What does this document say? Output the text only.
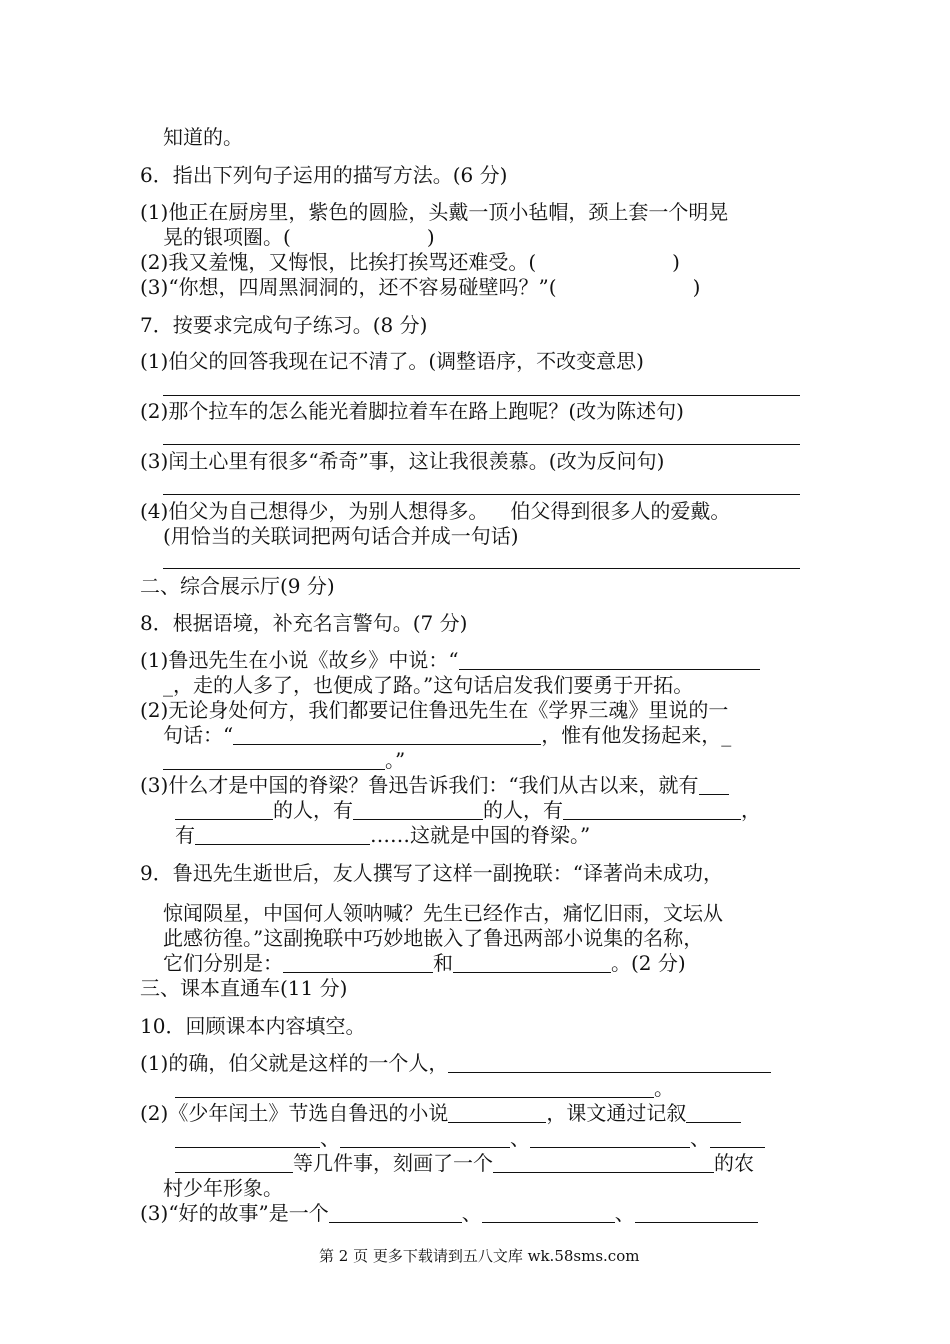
知道的。
6．指出下列句子运用的描写方法。(6 分)
(1)他正在厨房里，紫色的圆脸，头戴一顶小毡帽，颈上套一个明晃
晃的银项圈。(	)
(2)我又羞愧，又悔恨，比挨打挨骂还难受。(	)
(3)“你想，四周黑洞洞的，还不容易碰壁吗？”(	)
7．按要求完成句子练习。(8 分)
(1)伯父的回答我现在记不清了。(调整语序，不改变意思)
(2)那个拉车的怎么能光着脚拉着车在路上跑呢？(改为陈述句)
(3)闰土心里有很多“希奇”事，这让我很羡慕。(改为反问句)
(4)伯父为自己想得少，为别人想得多。 伯父得到很多人的爱戴。
(用恰当的关联词把两句话合并成一句话)
二、综合展示厅(9 分)
8．根据语境，补充名言警句。(7 分)
(1)鲁迅先生在小说《故乡》中说：“
_，走的人多了，也便成了路。”这句话启发我们要勇于开拓。
(2)无论身处何方，我们都要记住鲁迅先生在《学界三魂》里说的一
句话：“	，惟有他发扬起来，_
。”
(3)什么才是中国的脊梁？鲁迅告诉我们：“我们从古以来，就有
的人，有	的人，有	，
有	……这就是中国的脊梁。”
9．鲁迅先生逝世后，友人撰写了这样一副挽联：“译著尚未成功，
惊闻陨星，中国何人领呐喊？先生已经作古，痛忆旧雨，文坛从
此感彷徨。”这副挽联中巧妙地嵌入了鲁迅两部小说集的名称，
它们分别是：	和	。(2 分)
三、课本直通车(11 分)
10．回顾课本内容填空。
(1)的确，伯父就是这样的一个人，
。
(2)《少年闰土》节选自鲁迅的小说	，课文通过记叙
、	、	、
等几件事，刻画了一个	的农
村少年形象。
(3)“好的故事”是一个	、	、
第 2 页 更多下载请到五八文库 wk.58sms.com
